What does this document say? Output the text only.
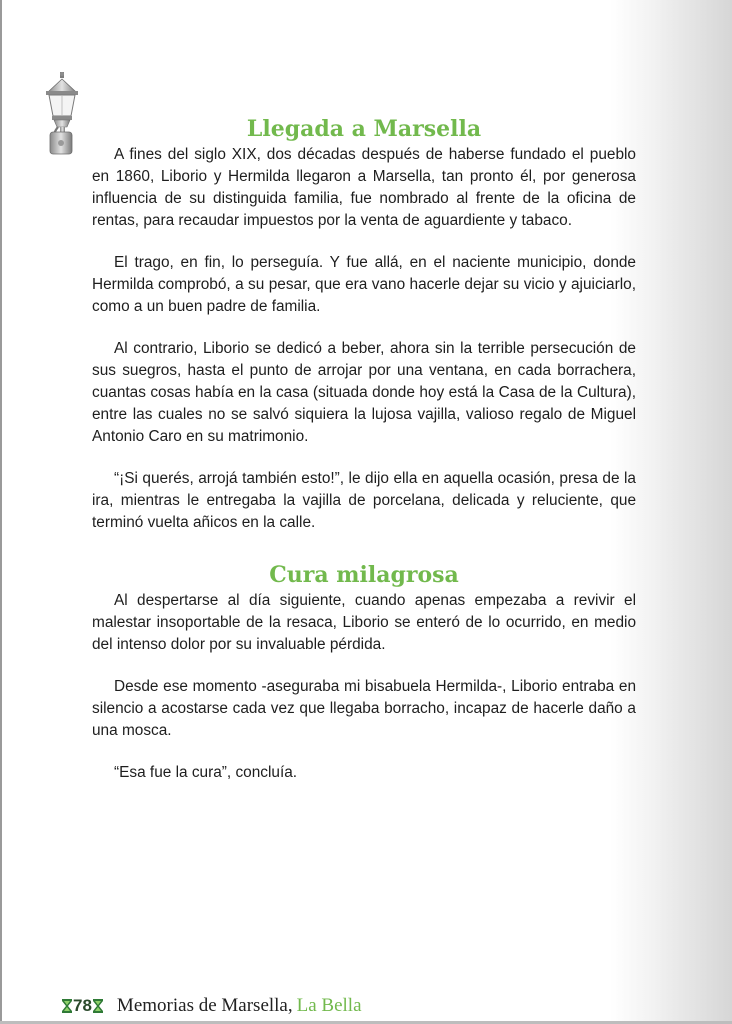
Llegada a Marsella

A fines del siglo XIX, dos décadas después de haberse fundado el pueblo en 1860, Liborio y Hermilda llegaron a Marsella, tan pronto él, por generosa influencia de su distinguida familia, fue nombrado al frente de la oficina de rentas, para recaudar impuestos por la venta de aguardiente y tabaco.

El trago, en fin, lo perseguía. Y fue allá, en el naciente municipio, donde Hermilda comprobó, a su pesar, que era vano hacerle dejar su vicio y ajuiciarlo, como a un buen padre de familia.

Al contrario, Liborio se dedicó a beber, ahora sin la terrible persecución de sus suegros, hasta el punto de arrojar por una ventana, en cada borrachera, cuantas cosas había en la casa (situada donde hoy está la Casa de la Cultura), entre las cuales no se salvó siquiera la lujosa vajilla, valioso regalo de Miguel Antonio Caro en su matrimonio.

“¡Si querés, arrojá también esto!”, le dijo ella en aquella ocasión, presa de la ira, mientras le entregaba la vajilla de porcelana, delicada y reluciente, que terminó vuelta añicos en la calle.

Cura milagrosa

Al despertarse al día siguiente, cuando apenas empezaba a revivir el malestar insoportable de la resaca, Liborio se enteró de lo ocurrido, en medio del intenso dolor por su invaluable pérdida.

Desde ese momento -aseguraba mi bisabuela Hermilda-, Liborio entraba en silencio a acostarse cada vez que llegaba borracho, incapaz de hacerle daño a una mosca.

“Esa fue la cura”, concluía.

78 Memorias de Marsella, La Bella
